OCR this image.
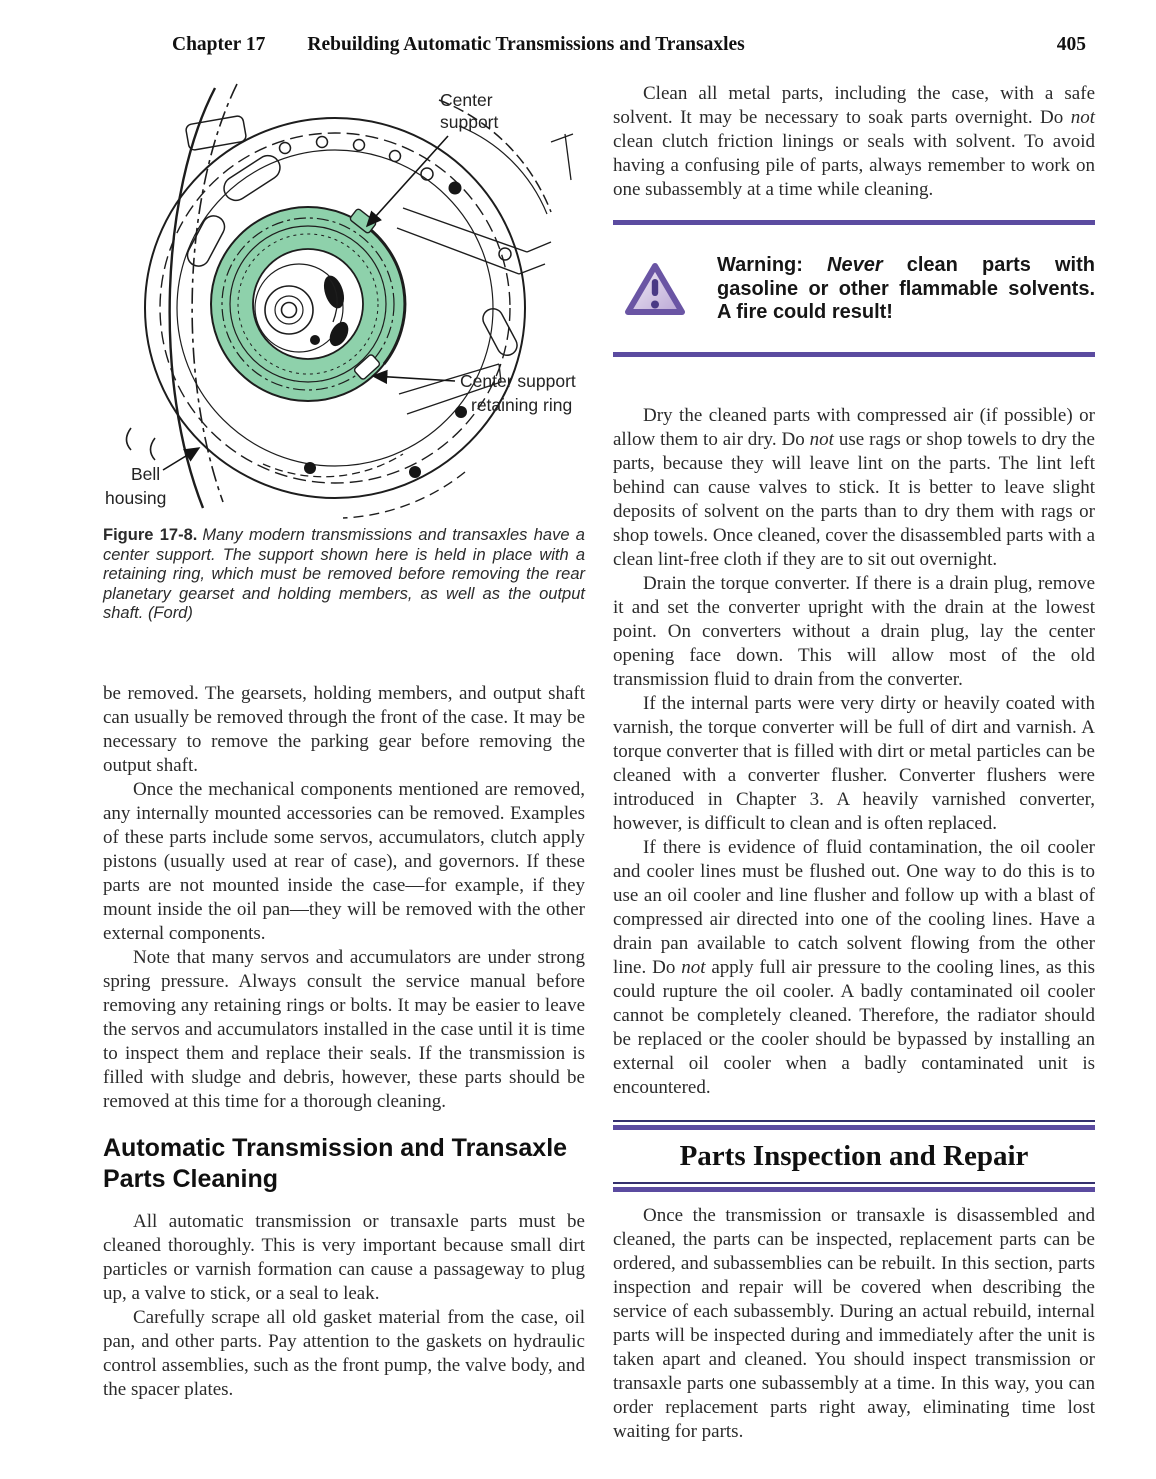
405
Chapter 17 Rebuilding Automatic Transmissions and Transaxles
Center
support
Center support
retaining ring
Bell
housing

Figure 17-8. Many modern transmissions and transaxles have a center support. The support shown here is held in place with a retaining ring, which must be removed before removing the rear planetary gearset and holding members, as well as the output shaft. (Ford)

be removed. The gearsets, holding members, and output shaft can usually be removed through the front of the case. It may be necessary to remove the parking gear before removing the output shaft.

Once the mechanical components mentioned are removed, any internally mounted accessories can be removed. Examples of these parts include some servos, accumulators, clutch apply pistons (usually used at rear of case), and governors. If these parts are not mounted inside the case—for example, if they mount inside the oil pan—they will be removed with the other external components.

Note that many servos and accumulators are under strong spring pressure. Always consult the service manual before removing any retaining rings or bolts. It may be easier to leave the servos and accumulators installed in the case until it is time to inspect them and replace their seals. If the transmission is filled with sludge and debris, however, these parts should be removed at this time for a thorough cleaning.

Automatic Transmission and Transaxle Parts Cleaning

All automatic transmission or transaxle parts must be cleaned thoroughly. This is very important because small dirt particles or varnish formation can cause a passageway to plug up, a valve to stick, or a seal to leak.

Carefully scrape all old gasket material from the case, oil pan, and other parts. Pay attention to the gaskets on hydraulic control assemblies, such as the front pump, the valve body, and the spacer plates.

Clean all metal parts, including the case, with a safe solvent. It may be necessary to soak parts overnight. Do not clean clutch friction linings or seals with solvent. To avoid having a confusing pile of parts, always remember to work on one subassembly at a time while cleaning.

Warning: Never clean parts with gasoline or other flammable solvents. A fire could result!

Dry the cleaned parts with compressed air (if possible) or allow them to air dry. Do not use rags or shop towels to dry the parts, because they will leave lint on the parts. The lint left behind can cause valves to stick. It is better to leave slight deposits of solvent on the parts than to dry them with rags or shop towels. Once cleaned, cover the disassembled parts with a clean lint-free cloth if they are to sit out overnight.

Drain the torque converter. If there is a drain plug, remove it and set the converter upright with the drain at the lowest point. On converters without a drain plug, lay the center opening face down. This will allow most of the old transmission fluid to drain from the converter.

If the internal parts were very dirty or heavily coated with varnish, the torque converter will be full of dirt and varnish. A torque converter that is filled with dirt or metal particles can be cleaned with a converter flusher. Converter flushers were introduced in Chapter 3. A heavily varnished converter, however, is difficult to clean and is often replaced.

If there is evidence of fluid contamination, the oil cooler and cooler lines must be flushed out. One way to do this is to use an oil cooler and line flusher and follow up with a blast of compressed air directed into one of the cooling lines. Have a drain pan available to catch solvent flowing from the other line. Do not apply full air pressure to the cooling lines, as this could rupture the oil cooler. A badly contaminated oil cooler cannot be completely cleaned. Therefore, the radiator should be replaced or the cooler should be bypassed by installing an external oil cooler when a badly contaminated unit is encountered.

Parts Inspection and Repair

Once the transmission or transaxle is disassembled and cleaned, the parts can be inspected, replacement parts can be ordered, and subassemblies can be rebuilt. In this section, parts inspection and repair will be covered when describing the service of each subassembly. During an actual rebuild, internal parts will be inspected during and immediately after the unit is taken apart and cleaned. You should inspect transmission or transaxle parts one subassembly at a time. In this way, you can order replacement parts right away, eliminating time lost waiting for parts.
